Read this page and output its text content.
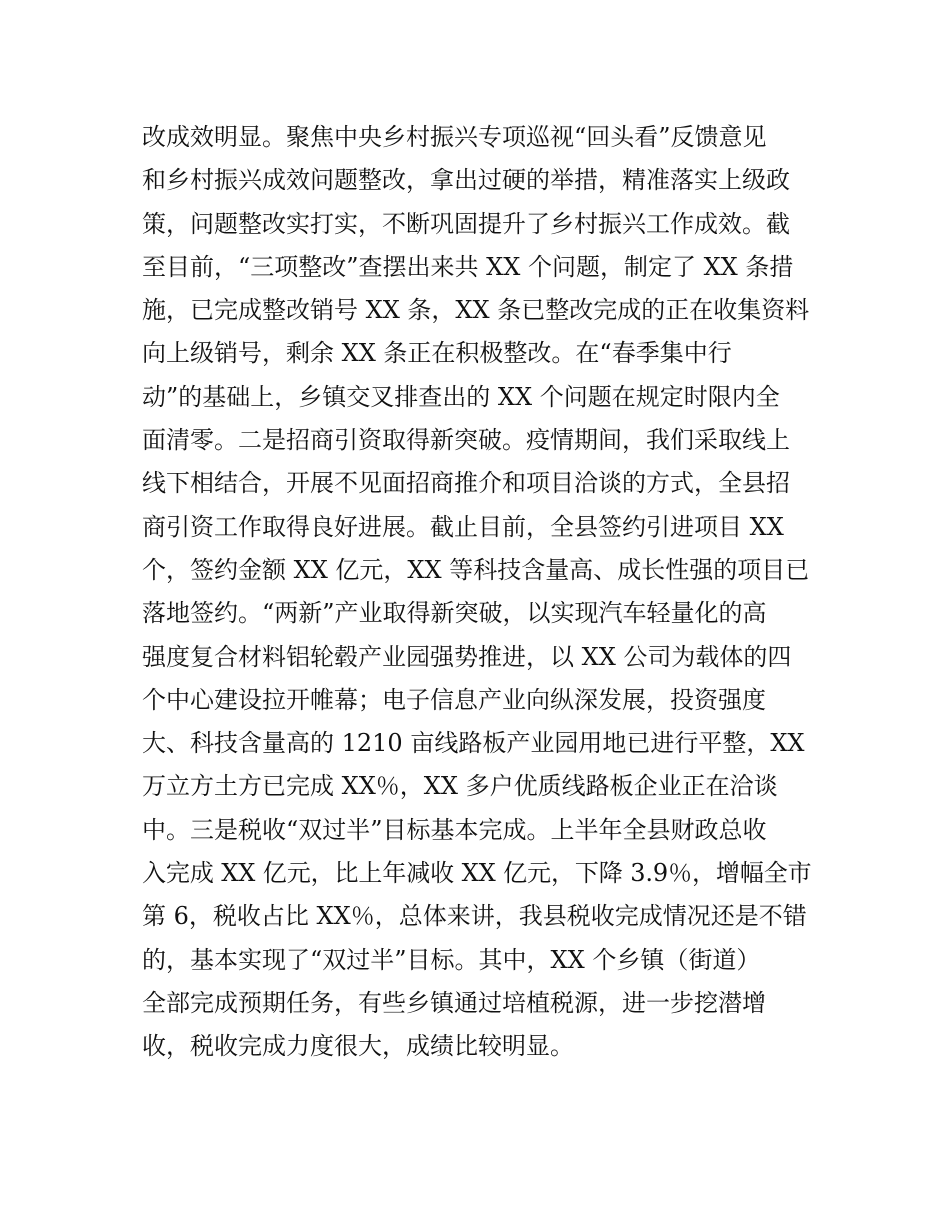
改成效明显。聚焦中央乡村振兴专项巡视“回头看”反馈意见
和乡村振兴成效问题整改，拿出过硬的举措，精准落实上级政
策，问题整改实打实，不断巩固提升了乡村振兴工作成效。截
至目前，“三项整改”查摆出来共 XX 个问题，制定了 XX 条措
施，已完成整改销号 XX 条，XX 条已整改完成的正在收集资料
向上级销号，剩余 XX 条正在积极整改。在“春季集中行
动”的基础上，乡镇交叉排查出的 XX 个问题在规定时限内全
面清零。二是招商引资取得新突破。疫情期间，我们采取线上
线下相结合，开展不见面招商推介和项目洽谈的方式，全县招
商引资工作取得良好进展。截止目前，全县签约引进项目 XX
个，签约金额 XX 亿元，XX 等科技含量高、成长性强的项目已
落地签约。“两新”产业取得新突破，以实现汽车轻量化的高
强度复合材料铝轮毂产业园强势推进，以 XX 公司为载体的四
个中心建设拉开帷幕；电子信息产业向纵深发展，投资强度
大、科技含量高的 1210 亩线路板产业园用地已进行平整，XX
万立方土方已完成 XX％，XX 多户优质线路板企业正在洽谈
中。三是税收“双过半”目标基本完成。上半年全县财政总收
入完成 XX 亿元，比上年减收 XX 亿元，下降 3.9％，增幅全市
第 6，税收占比 XX％，总体来讲，我县税收完成情况还是不错
的，基本实现了“双过半”目标。其中，XX 个乡镇（街道）
全部完成预期任务，有些乡镇通过培植税源，进一步挖潜增
收，税收完成力度很大，成绩比较明显。
